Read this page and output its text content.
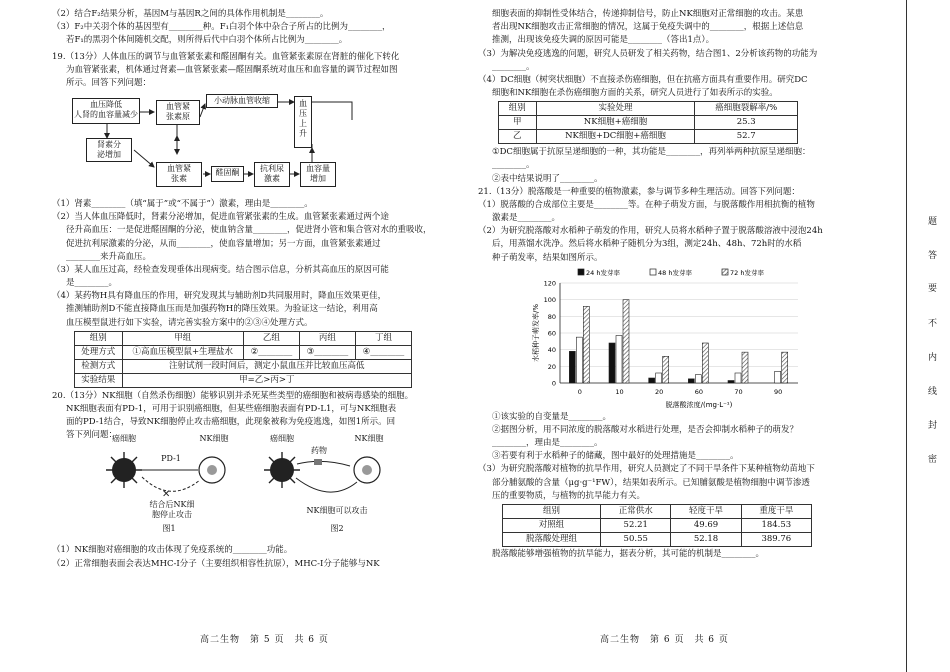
（2）结合F₂结果分析，基因M与基因R之间的具体作用机制是________。

（3）F₂中关羽个体的基因型有________种。F₁白羽个体中杂合子所占的比例为________，

若F₁的黑羽个体间随机交配，则所得后代中白羽个体所占比例为________。

19.（13分）人体血压的调节与血管紧张素和醛固酮有关。血管紧张素原在肾脏的催化下转化

为血管紧张素，机体通过肾素—血管紧张素—醛固酮系统对血压和血容量的调节过程如图

所示。回答下列问题：

血压降低
人肾的血容量减少
血管紧
张素原
小动脉血管收缩	血压上升
肾素分
泌增加
血管紧
张素
醛固酮	抗利尿
激素
血容量
增加

（1）肾素________（填“属于”或“不属于”）激素，理由是________。

（2）当人体血压降低时，肾素分泌增加，促进血管紧张素的生成。血管紧张素通过两个途

径升高血压：一是促进醛固酮的分泌，使血钠含量________，促进肾小管和集合管对水的重吸收，

促进抗利尿激素的分泌，从而________，使血容量增加；另一方面，血管紧张素通过

________来升高血压。

（3）某人血压过高，经检查发现垂体出现病变。结合图示信息，分析其高血压的原因可能

是________。

（4）某药物H具有降血压的作用，研究发现其与辅助剂D共同服用时，降血压效果更佳，

推测辅助剂D不能直接降血压而是加强药物H的降压效果。为验证这一结论，利用高

血压模型鼠进行如下实验，请完善实验方案中的②③④处理方式。

组别	甲组	乙组	丙组	丁组
处理方式	①高血压模型鼠+生理盐水	②________	③________	④________
检测方式	注射试剂一段时间后，测定小鼠血压并比较血压高低			
实验结果	甲=乙>丙>丁			

20.（13分）NK细胞（自然杀伤细胞）能够识别并杀死某些类型的癌细胞和被病毒感染的细胞。

NK细胞表面有PD-1，可用于识别癌细胞，但某些癌细胞表面有PD-L1，可与NK细胞表

面的PD-1结合，导致NK细胞停止攻击癌细胞，此现象被称为免疫逃逸，如图1所示。回

答下列问题：

✕
癌细胞	NK细胞
PD-1
结合后NK细
胞停止攻击
图1
癌细胞
药物
NK细胞
NK细胞可以攻击
图2

（1）NK细胞对癌细胞的攻击体现了免疫系统的________功能。

（2）正常细胞表面会表达MHC-Ⅰ分子（主要组织相容性抗原），MHC-Ⅰ分子能够与NK

高二生物　第 5 页　共 6 页

细胞表面的抑制性受体结合，传递抑制信号，防止NK细胞对正常细胞的攻击。某患

者出现NK细胞攻击正常细胞的情况，这属于免疫失调中的________，根据上述信息

推测，出现该免疫失调的原因可能是________（答出1点）。

（3）为解决免疫逃逸的问题，研究人员研发了相关药物，结合图1、2分析该药物的功能为

________。

（4）DC细胞（树突状细胞）不直接杀伤癌细胞，但在抗癌方面具有重要作用。研究DC

细胞和NK细胞在杀伤癌细胞方面的关系，研究人员进行了如表所示的实验。

组别	实验处理	癌细胞裂解率/%
甲	NK细胞+癌细胞	25.3
乙	NK细胞+DC细胞+癌细胞	52.7

①DC细胞属于抗原呈递细胞的一种，其功能是________，再列举两种抗原呈递细胞：

________。

②表中结果说明了________。

21.（13分）脱落酸是一种重要的植物激素，参与调节多种生理活动。回答下列问题：

（1）脱落酸的合成部位主要是________等。在种子萌发方面，与脱落酸作用相抗衡的植物

激素是________。

（2）为研究脱落酸对水稻种子萌发的作用，研究人员将水稻种子置于脱落酸溶液中浸泡24h

后，用蒸馏水洗净。然后将水稻种子随机分为3组，测定24h、48h、72h时的水稻

种子萌发率，结果如图所示。

24 h发芽率	48 h发芽率	72 h发芽率
0
20
40
60
80
100
120
水稻种子萌发率/%
脱落酸浓度/(mg·L⁻¹)
0	10	20	60	70	90

①该实验的自变量是________。

②据图分析，用不同浓度的脱落酸对水稻进行处理，是否会抑制水稻种子的萌发？

________，理由是________。

③若要有利于水稻种子的储藏，图中最好的处理措施是________。

（3）为研究脱落酸对植物的抗旱作用，研究人员测定了不同干旱条件下某种植物幼苗地下

部分脯氨酸的含量（μg·g⁻¹FW），结果如表所示。已知脯氨酸是植物细胞中调节渗透

压的重要物质，与植物的抗旱能力有关。

组别	正常供水	轻度干旱	重度干旱
对照组	52.21	49.69	184.53
脱落酸处理组	50.55	52.18	389.76

脱落酸能够增强植物的抗旱能力，据表分析，其可能的机制是________。

高二生物　第 6 页　共 6 页
题
答
要
不
内
线
封
密
